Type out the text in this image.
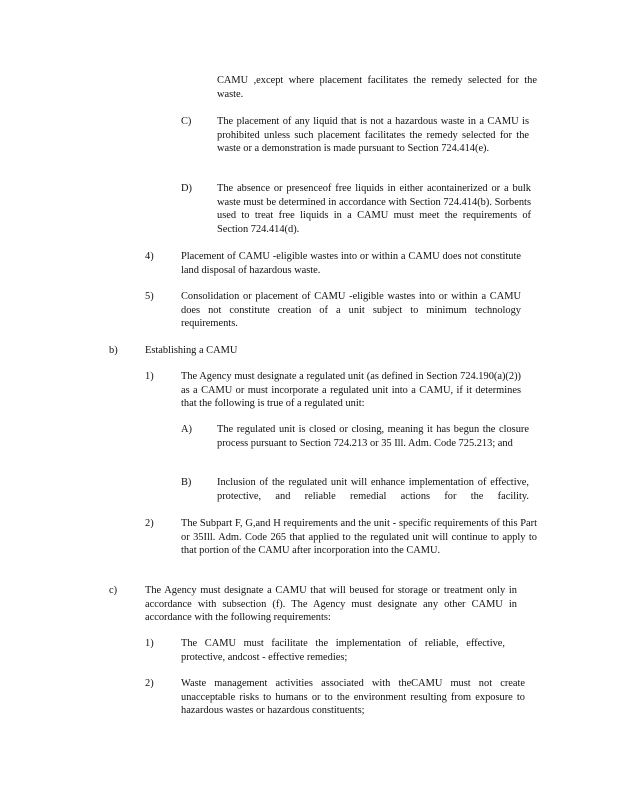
CAMU ,except where placement facilitates the remedy selected for the waste.

C) The placement of any liquid that is not a hazardous waste in a CAMU is prohibited unless such placement facilitates the remedy selected for the waste or a demonstration is made pursuant to Section 724.414(e).

D) The absence or presenceof free liquids in either acontainerized or a bulk waste must be determined in accordance with Section 724.414(b). Sorbents used to treat free liquids in a CAMU must meet the requirements of Section 724.414(d).

4)	Placement of CAMU -eligible wastes into or within a CAMU does not constitute land disposal of hazardous waste.

5)	Consolidation or placement of CAMU -eligible wastes into or within a CAMU does not constitute creation of a unit subject to minimum technology requirements.

b)	Establishing a CAMU

1)	The Agency must designate a regulated unit (as defined in Section 724.190(a)(2)) as a CAMU or must incorporate a regulated unit into a CAMU, if it determines that the following is true of a regulated unit:

A) The regulated unit is closed or closing, meaning it has begun the closure process pursuant to Section 724.213 or 35 Ill. Adm. Code 725.213; and

B) Inclusion of the regulated unit will enhance implementation of effective, protective, and reliable remedial actions for the facility.

2)	The Subpart F, G,and H requirements and the unit - specific requirements of this Part or 35Ill. Adm. Code 265 that applied to the regulated unit will continue to apply to that portion of the CAMU after incorporation into the CAMU.

c)	The Agency must designate a CAMU that will beused for storage or treatment only in accordance with subsection (f). The Agency must designate any other CAMU in accordance with the following requirements:

1)	The CAMU must facilitate the implementation of reliable, effective, protective, andcost - effective remedies;

2)	Waste management activities associated with theCAMU must not create unacceptable risks to humans or to the environment resulting from exposure to hazardous wastes or hazardous constituents;
